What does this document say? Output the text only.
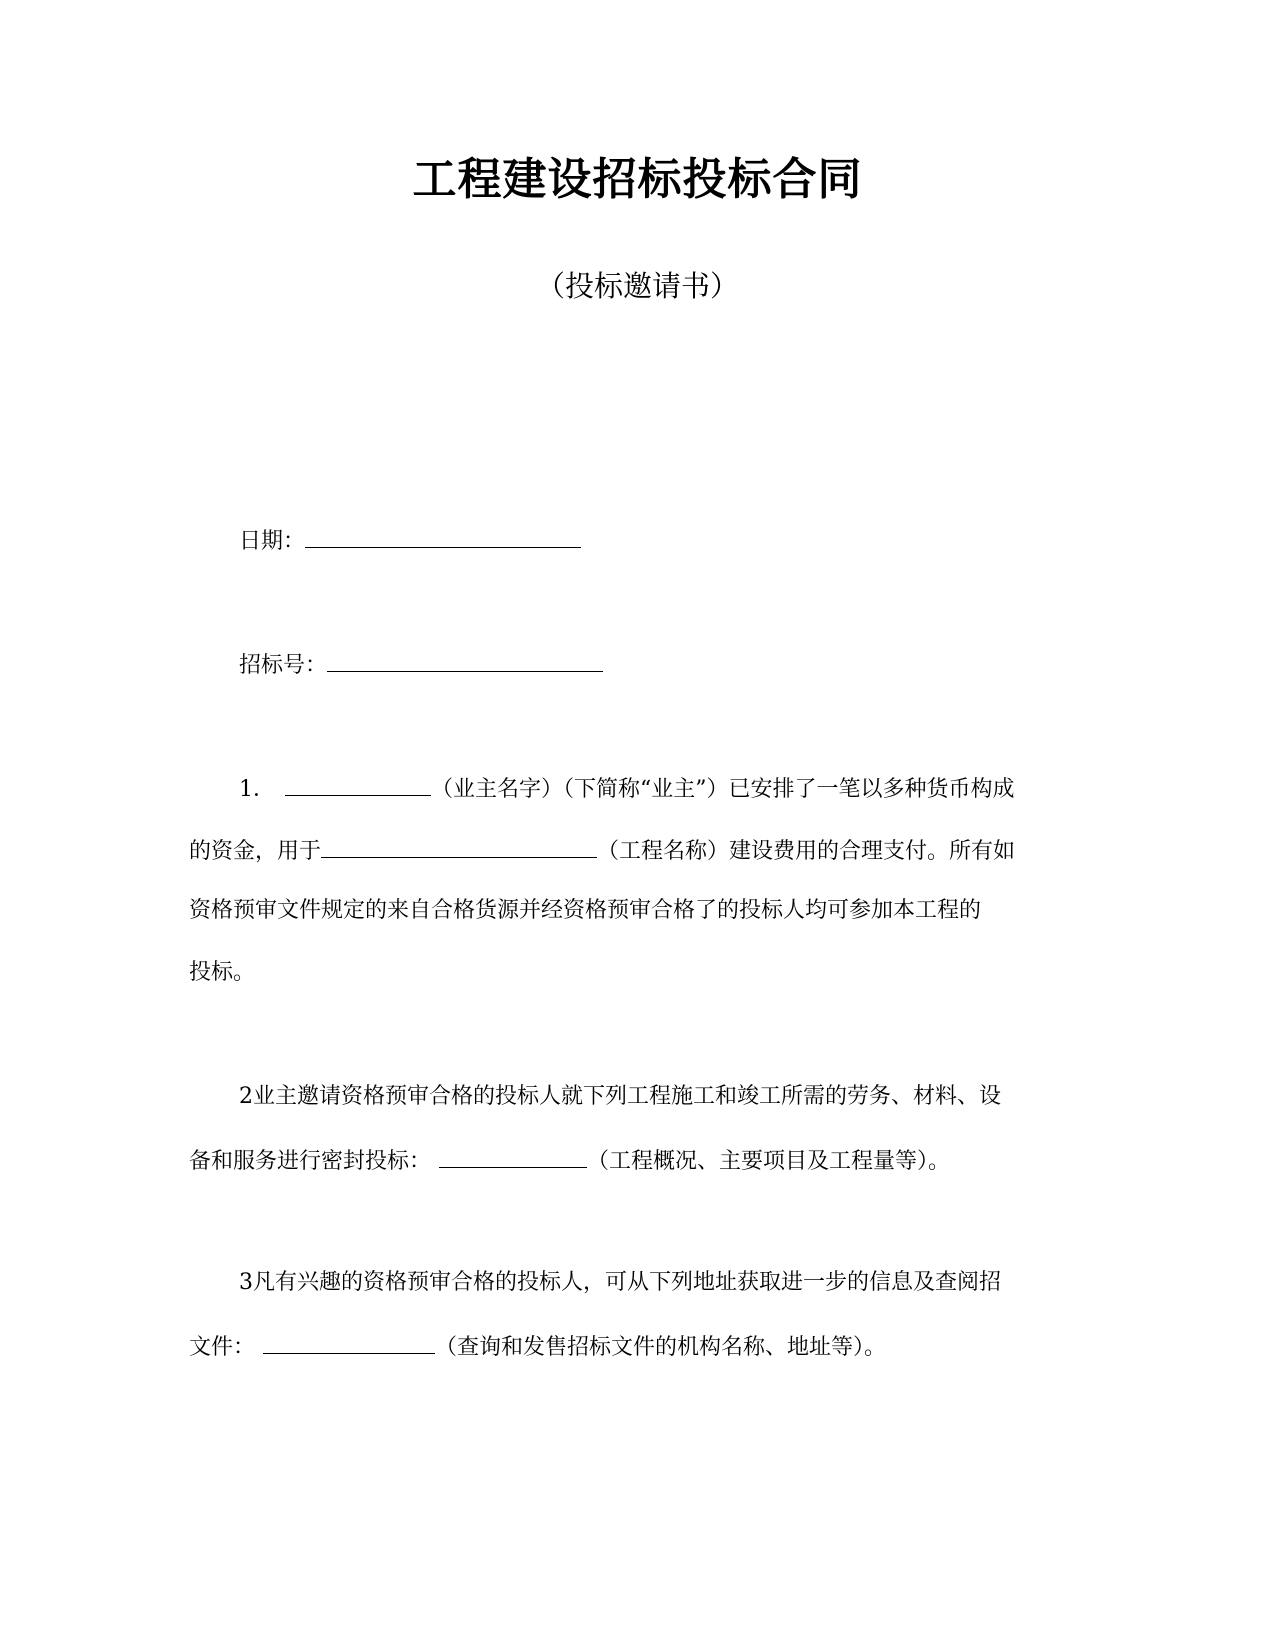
工程建设招标投标合同
（投标邀请书）
日期：
招标号：
1．	（业主名字）（下简称“业主”）已安排了一笔以多种货币构成
的资金，用于	（工程名称）建设费用的合理支付。所有如
资格预审文件规定的来自合格货源并经资格预审合格了的投标人均可参加本工程的
投标。
2业主邀请资格预审合格的投标人就下列工程施工和竣工所需的劳务、材料、设
备和服务进行密封投标：	（工程概况、主要项目及工程量等）。
3凡有兴趣的资格预审合格的投标人，可从下列地址获取进一步的信息及查阅招
文件：	（查询和发售招标文件的机构名称、地址等）。
